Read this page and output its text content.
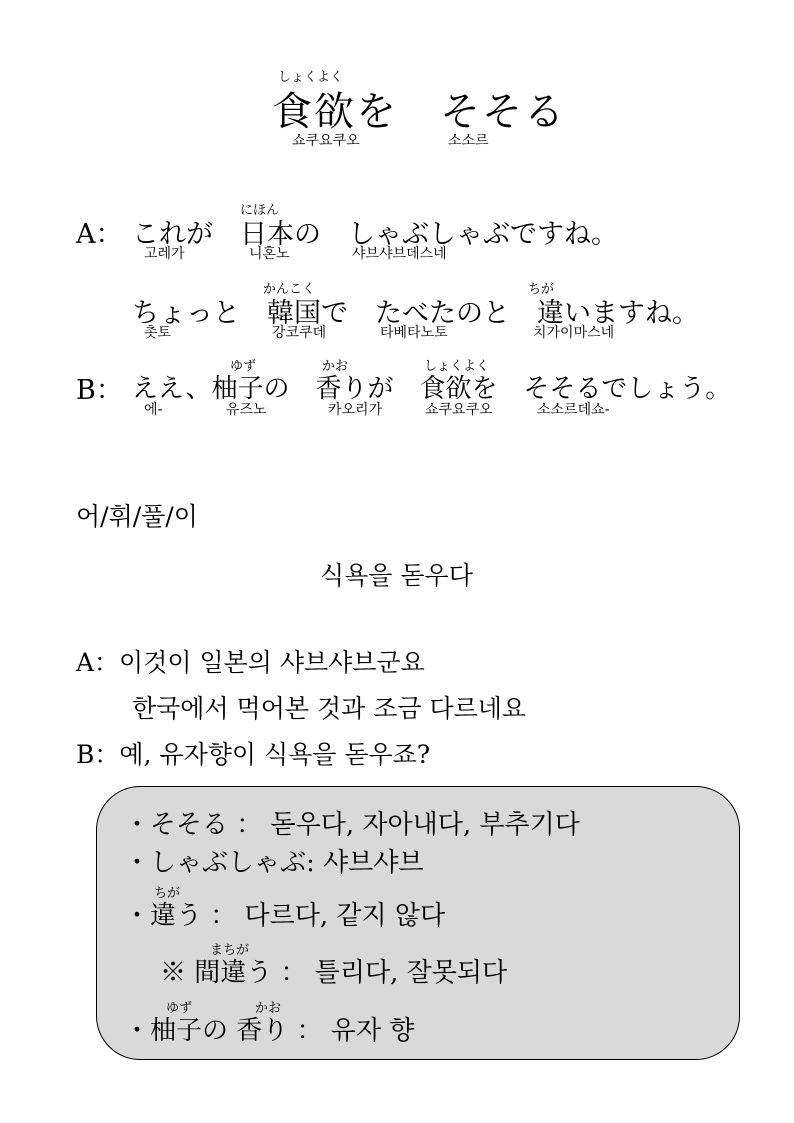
しょくよく
食欲を　そそる
쇼쿠요쿠오	소소르
にほん
A： これが　日本の　しゃぶしゃぶですね。
고레가	니혼노	샤브샤브데스네
かんこく	ちが
ちょっと　韓国で　たべたのと　違いますね。
촛토	강코쿠데	타베타노토	치가이마스네
ゆず	かお	しょくよく
B： ええ、柚子の　香りが　食欲を　そそるでしょう。
에-	유즈노	카오리가	쇼쿠요쿠오	소소르데쇼-
어/휘/풀/이
식욕을 돋우다
A：이것이 일본의 샤브샤브군요
한국에서 먹어본 것과 조금 다르네요
B：예, 유자향이 식욕을 돋우죠?
・そそる ： 돋우다, 자아내다, 부추기다
・しゃぶしゃぶ: 샤브샤브
ちが
・違う ： 다르다, 같지 않다
まちが
※ 間違う ： 틀리다, 잘못되다
ゆず	かお
・柚子の 香り ： 유자 향
